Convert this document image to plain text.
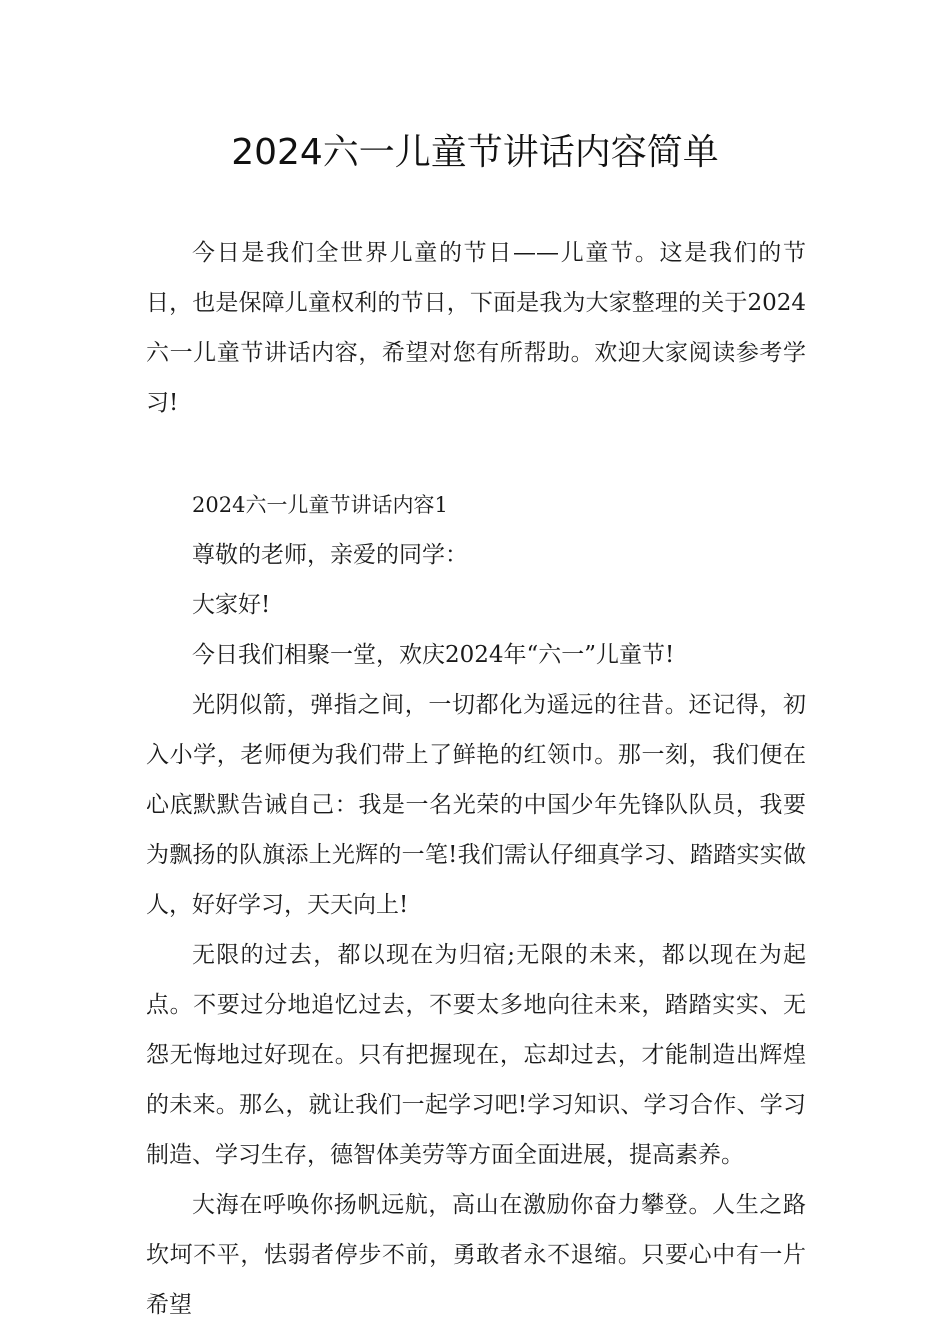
2024六一儿童节讲话内容简单

今日是我们全世界儿童的节日——儿童节。这是我们的节日，也是保障儿童权利的节日，下面是我为大家整理的关于2024六一儿童节讲话内容，希望对您有所帮助。欢迎大家阅读参考学习!

2024六一儿童节讲话内容1

尊敬的老师，亲爱的同学：

大家好!

今日我们相聚一堂，欢庆2024年“六一”儿童节!

光阴似箭，弹指之间，一切都化为遥远的往昔。还记得，初入小学，老师便为我们带上了鲜艳的红领巾。那一刻，我们便在心底默默告诫自己：我是一名光荣的中国少年先锋队队员，我要为飘扬的队旗添上光辉的一笔!我们需认仔细真学习、踏踏实实做人，好好学习，天天向上!

无限的过去，都以现在为归宿;无限的未来，都以现在为起点。不要过分地追忆过去，不要太多地向往未来，踏踏实实、无怨无悔地过好现在。只有把握现在，忘却过去，才能制造出辉煌的未来。那么，就让我们一起学习吧!学习知识、学习合作、学习制造、学习生存，德智体美劳等方面全面进展，提高素养。

大海在呼唤你扬帆远航，高山在激励你奋力攀登。人生之路坎坷不平，怯弱者停步不前，勇敢者永不退缩。只要心中有一片希望
